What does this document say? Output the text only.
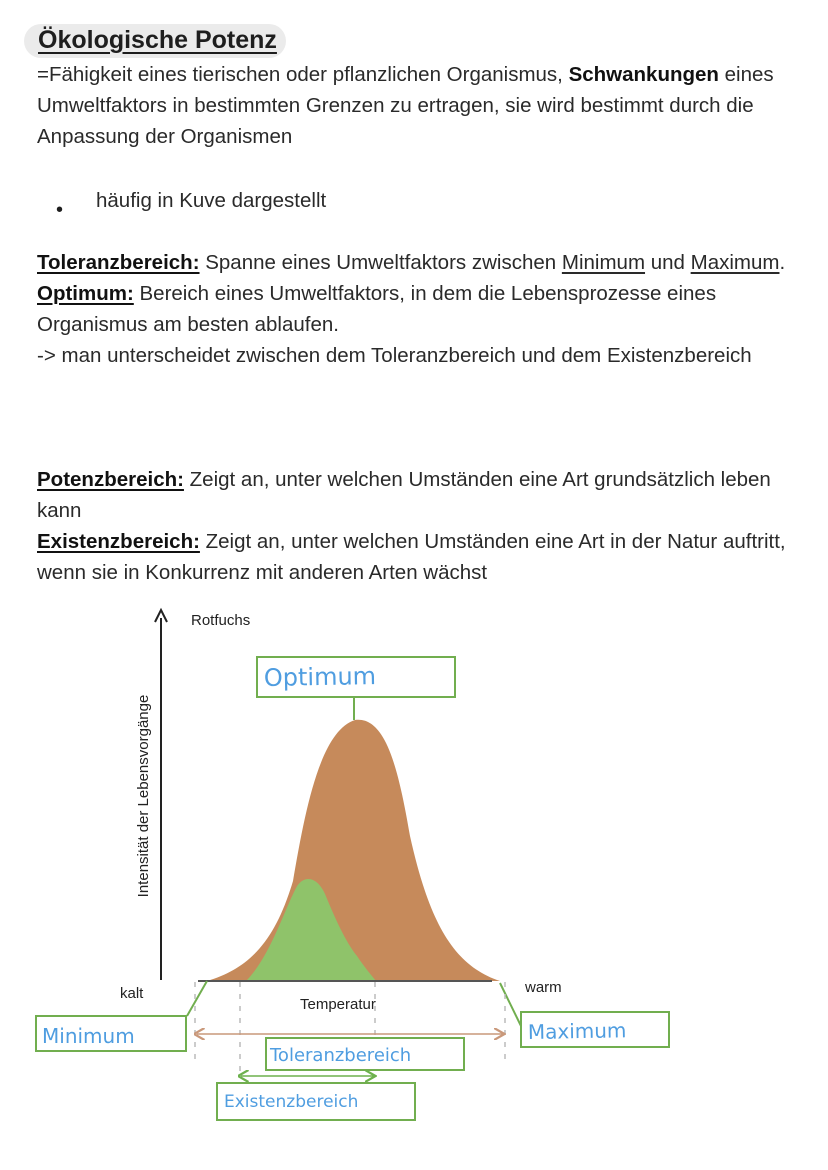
Ökologische Potenz
=Fähigkeit eines tierischen oder pflanzlichen Organismus, Schwankungen eines Umweltfaktors in bestimmten Grenzen zu ertragen, sie wird bestimmt durch die Anpassung der Organismen
• häufig in Kuve dargestellt
Toleranzbereich: Spanne eines Umweltfaktors zwischen Minimum und Maximum.
Optimum: Bereich eines Umweltfaktors, in dem die Lebensprozesse eines Organismus am besten ablaufen.
-> man unterscheidet zwischen dem Toleranzbereich und dem Existenzbereich
Potenzbereich: Zeigt an, unter welchen Umständen eine Art grundsätzlich leben kann
Existenzbereich: Zeigt an, unter welchen Umständen eine Art in der Natur auftritt, wenn sie in Konkurrenz mit anderen Arten wächst
Rotfuchs
Intensität der Lebensvorgänge
Temperatur
kalt	warm
Optimum
Minimum	Maximum
Toleranzbereich
Existenzbereich
